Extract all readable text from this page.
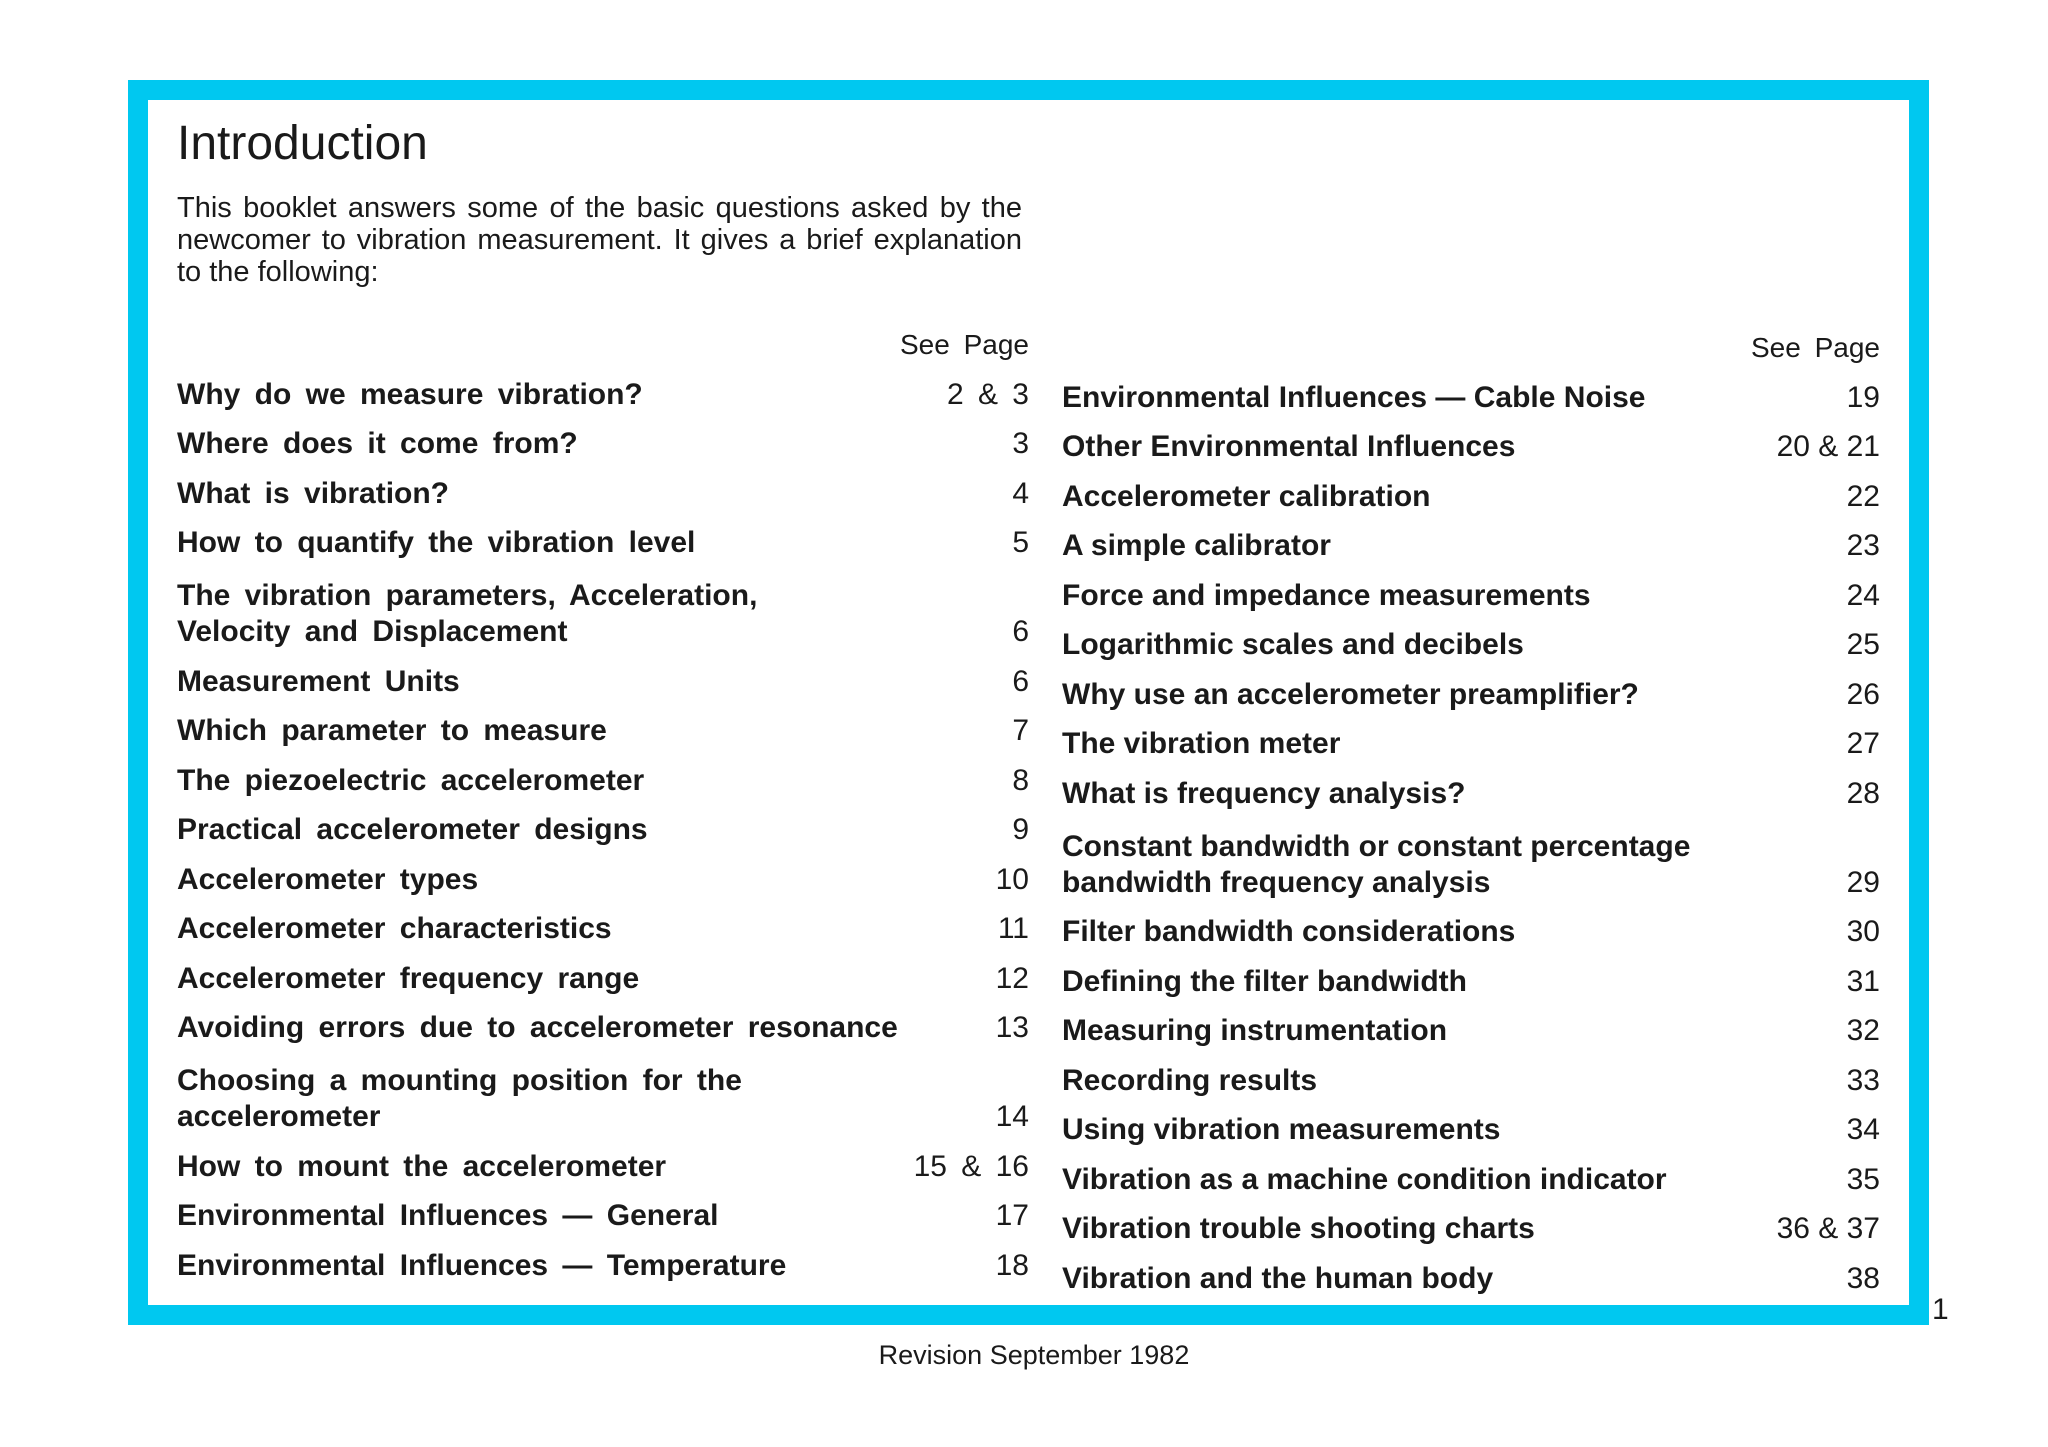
Introduction

This booklet answers some of the basic questions asked by the newcomer to vibration measurement. It gives a brief explanation to the following:

See Page
Why do we measure vibration?	2 & 3
Where does it come from?	3
What is vibration?	4
How to quantify the vibration level	5
The vibration parameters, Acceleration,
Velocity and Displacement	6
Measurement Units	6
Which parameter to measure	7
The piezoelectric accelerometer	8
Practical accelerometer designs	9
Accelerometer types	10
Accelerometer characteristics	11
Accelerometer frequency range	12
Avoiding errors due to accelerometer resonance	13
Choosing a mounting position for the
accelerometer	14
How to mount the accelerometer	15 & 16
Environmental Influences — General	17
Environmental Influences — Temperature	18
See Page
Environmental Influences — Cable Noise	19
Other Environmental Influences	20 & 21
Accelerometer calibration	22
A simple calibrator	23
Force and impedance measurements	24
Logarithmic scales and decibels	25
Why use an accelerometer preamplifier?	26
The vibration meter	27
What is frequency analysis?	28
Constant bandwidth or constant percentage
bandwidth frequency analysis	29
Filter bandwidth considerations	30
Defining the filter bandwidth	31
Measuring instrumentation	32
Recording results	33
Using vibration measurements	34
Vibration as a machine condition indicator	35
Vibration trouble shooting charts	36 & 37
Vibration and the human body	38
1
Revision September 1982
